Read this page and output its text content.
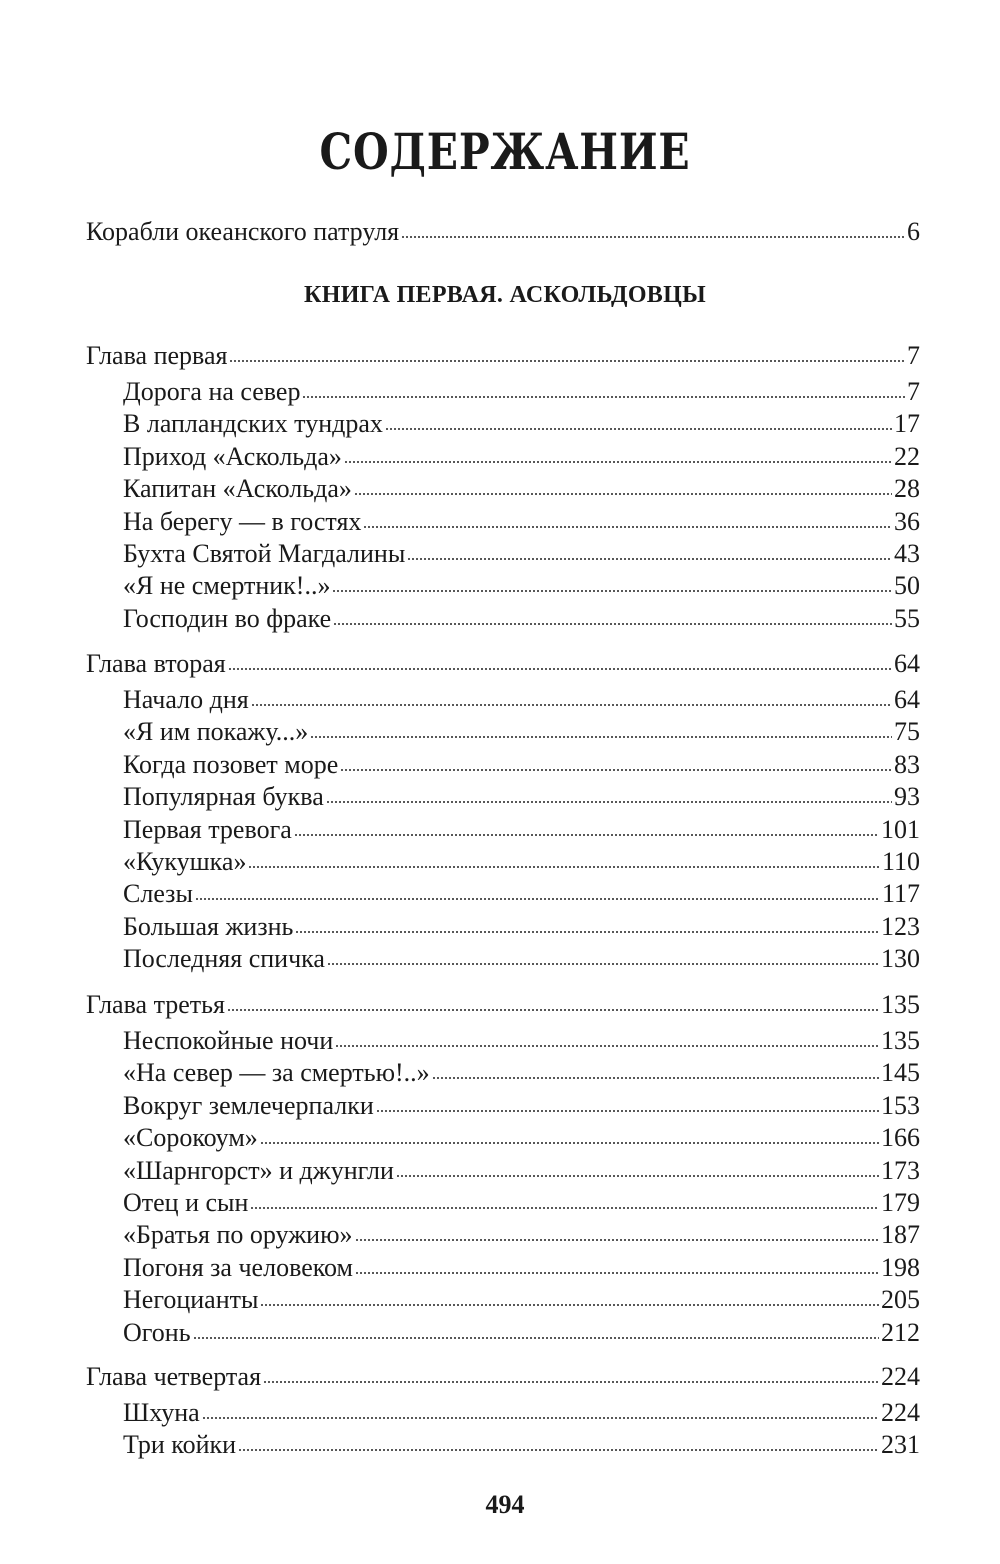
СОДЕРЖАНИЕ
Корабли океанского патруля	6
КНИГА ПЕРВАЯ. АСКОЛЬДОВЦЫ
Глава первая	7
Дорога на север	7
В лапландских тундрах	17
Приход «Аскольда»	22
Капитан «Аскольда»	28
На берегу — в гостях	36
Бухта Святой Магдалины	43
«Я не смертник!..»	50
Господин во фраке	55
Глава вторая	64
Начало дня	64
«Я им покажу...»	75
Когда позовет море	83
Популярная буква	93
Первая тревога	101
«Кукушка»	110
Слезы	117
Большая жизнь	123
Последняя спичка	130
Глава третья	135
Неспокойные ночи	135
«На север — за смертью!..»	145
Вокруг землечерпалки	153
«Сорокоум»	166
«Шарнгорст» и джунгли	173
Отец и сын	179
«Братья по оружию»	187
Погоня за человеком	198
Негоцианты	205
Огонь	212
Глава четвертая	224
Шхуна	224
Три койки	231
494
